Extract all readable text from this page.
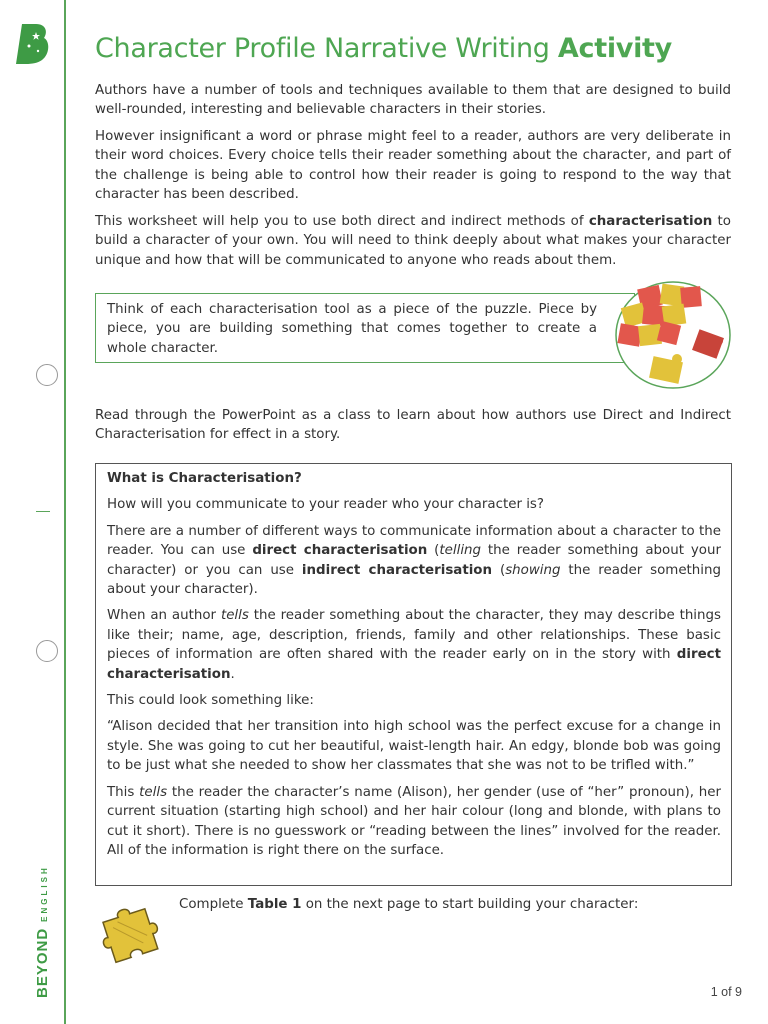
BEYONDENGLISH
Character Profile Narrative Writing Activity

Authors have a number of tools and techniques available to them that are designed to build well-rounded, interesting and believable characters in their stories.

However insignificant a word or phrase might feel to a reader, authors are very deliberate in their word choices. Every choice tells their reader something about the character, and part of the challenge is being able to control how their reader is going to respond to the way that character has been described.

This worksheet will help you to use both direct and indirect methods of characterisation to build a character of your own. You will need to think deeply about what makes your character unique and how that will be communicated to anyone who reads about them.

Think of each characterisation tool as a piece of the puzzle. Piece by piece, you are building something that comes together to create a whole character.

Read through the PowerPoint as a class to learn about how authors use Direct and Indirect Characterisation for effect in a story.

What is Characterisation?

How will you communicate to your reader who your character is?

There are a number of different ways to communicate information about a character to the reader. You can use direct characterisation (telling the reader something about your character) or you can use indirect characterisation (showing the reader something about your character).

When an author tells the reader something about the character, they may describe things like their; name, age, description, friends, family and other relationships. These basic pieces of information are often shared with the reader early on in the story with direct characterisation.

This could look something like:

“Alison decided that her transition into high school was the perfect excuse for a change in style. She was going to cut her beautiful, waist-length hair. An edgy, blonde bob was going to be just what she needed to show her classmates that she was not to be trifled with.”

This tells the reader the character’s name (Alison), her gender (use of “her” pronoun), her current situation (starting high school) and her hair colour (long and blonde, with plans to cut it short). There is no guesswork or “reading between the lines” involved for the reader. All of the information is right there on the surface.

Complete Table 1 on the next page to start building your character:

1 of 9
